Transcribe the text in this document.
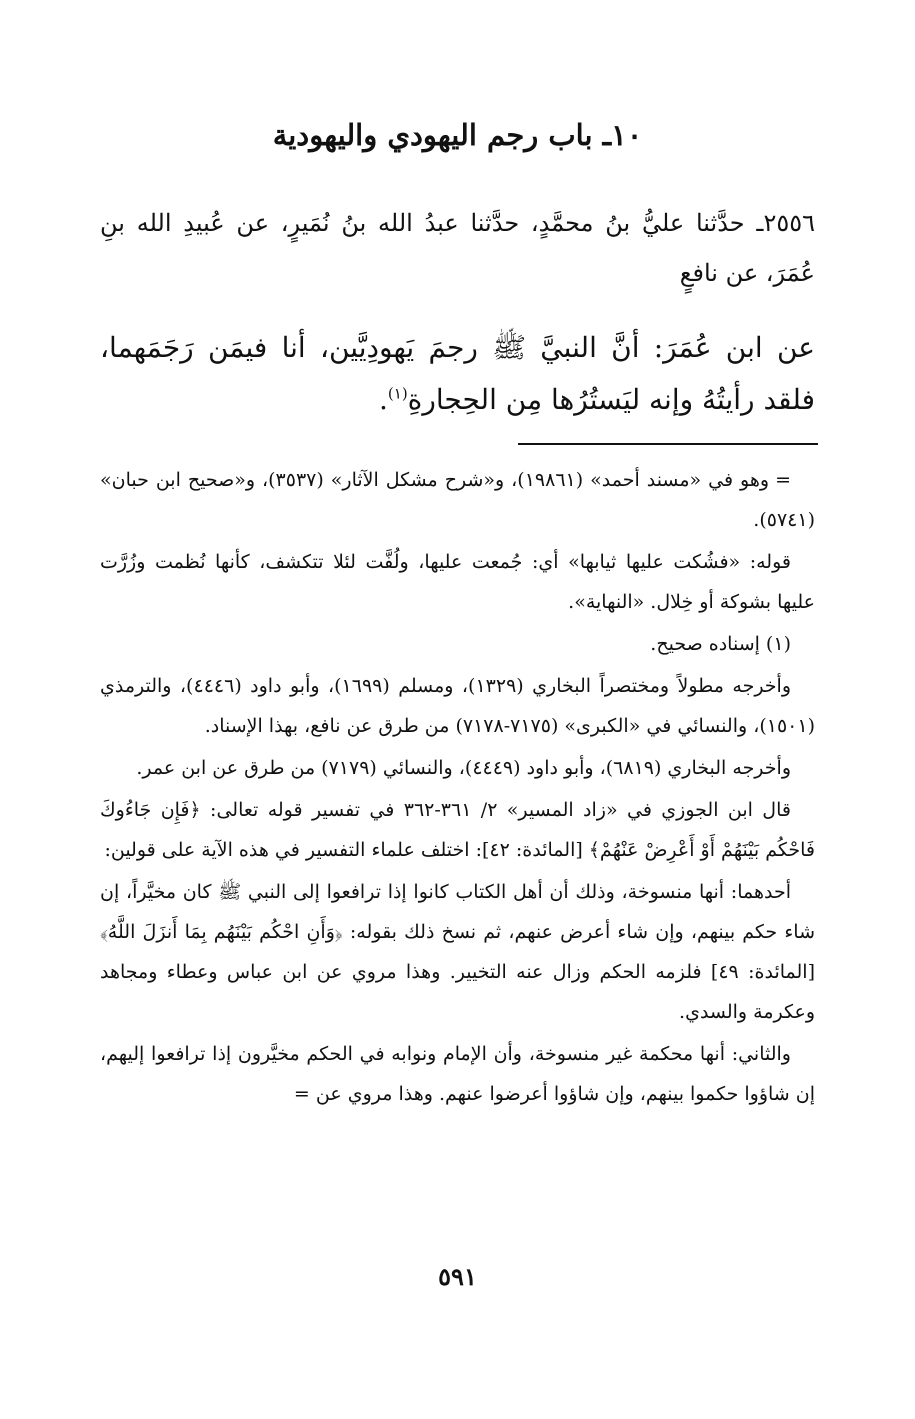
١٠ـ باب رجم اليهودي واليهودية

٢٥٥٦ـ حدَّثنا عليُّ بنُ محمَّدٍ، حدَّثنا عبدُ الله بنُ نُمَيرٍ، عن عُبيدِ الله بنِ عُمَرَ، عن نافعٍ

عن ابن عُمَرَ: أنَّ النبيَّ ﷺ رجمَ يَهودِيَّين، أنا فيمَن رَجَمَهما، فلقد رأيتُهُ وإنه ليَستُرُها مِن الحِجارةِ$^{(١)}$.

=وهو في «مسند أحمد» (١٩٨٦١)، و«شرح مشكل الآثار» (٣٥٣٧)، و«صحيح ابن حبان» (٥٧٤١).

قوله: «فشُكت عليها ثيابها» أي: جُمعت عليها، ولُفَّت لئلا تتكشف، كأنها نُظمت وزُرَّت عليها بشوكة أو خِلال. «النهاية».

(١) إسناده صحيح.

وأخرجه مطولاً ومختصراً البخاري (١٣٢٩)، ومسلم (١٦٩٩)، وأبو داود (٤٤٤٦)، والترمذي (١٥٠١)، والنسائي في «الكبرى» (٧١٧٥-٧١٧٨) من طرق عن نافع، بهذا الإسناد.

وأخرجه البخاري (٦٨١٩)، وأبو داود (٤٤٤٩)، والنسائي (٧١٧٩) من طرق عن ابن عمر.

قال ابن الجوزي في «زاد المسير» ٢/ ٣٦١-٣٦٢ في تفسير قوله تعالى: ﴿فَإِن جَاءُوكَ فَاحْكُم بَيْنَهُمْ أَوْ أَعْرِضْ عَنْهُمْ﴾ [المائدة: ٤٢]: اختلف علماء التفسير في هذه الآية على قولين:

أحدهما: أنها منسوخة، وذلك أن أهل الكتاب كانوا إذا ترافعوا إلى النبي ﷺ كان مخيَّراً، إن شاء حكم بينهم، وإن شاء أعرض عنهم، ثم نسخ ذلك بقوله: ﴿وَأَنِ احْكُم بَيْنَهُم بِمَا أَنزَلَ اللَّهُ﴾ [المائدة: ٤٩] فلزمه الحكم وزال عنه التخيير. وهذا مروي عن ابن عباس وعطاء ومجاهد وعكرمة والسدي.

والثاني: أنها محكمة غير منسوخة، وأن الإمام ونوابه في الحكم مخيَّرون إذا ترافعوا إليهم، إن شاؤوا حكموا بينهم، وإن شاؤوا أعرضوا عنهم. وهذا مروي عن =

٥٩١
